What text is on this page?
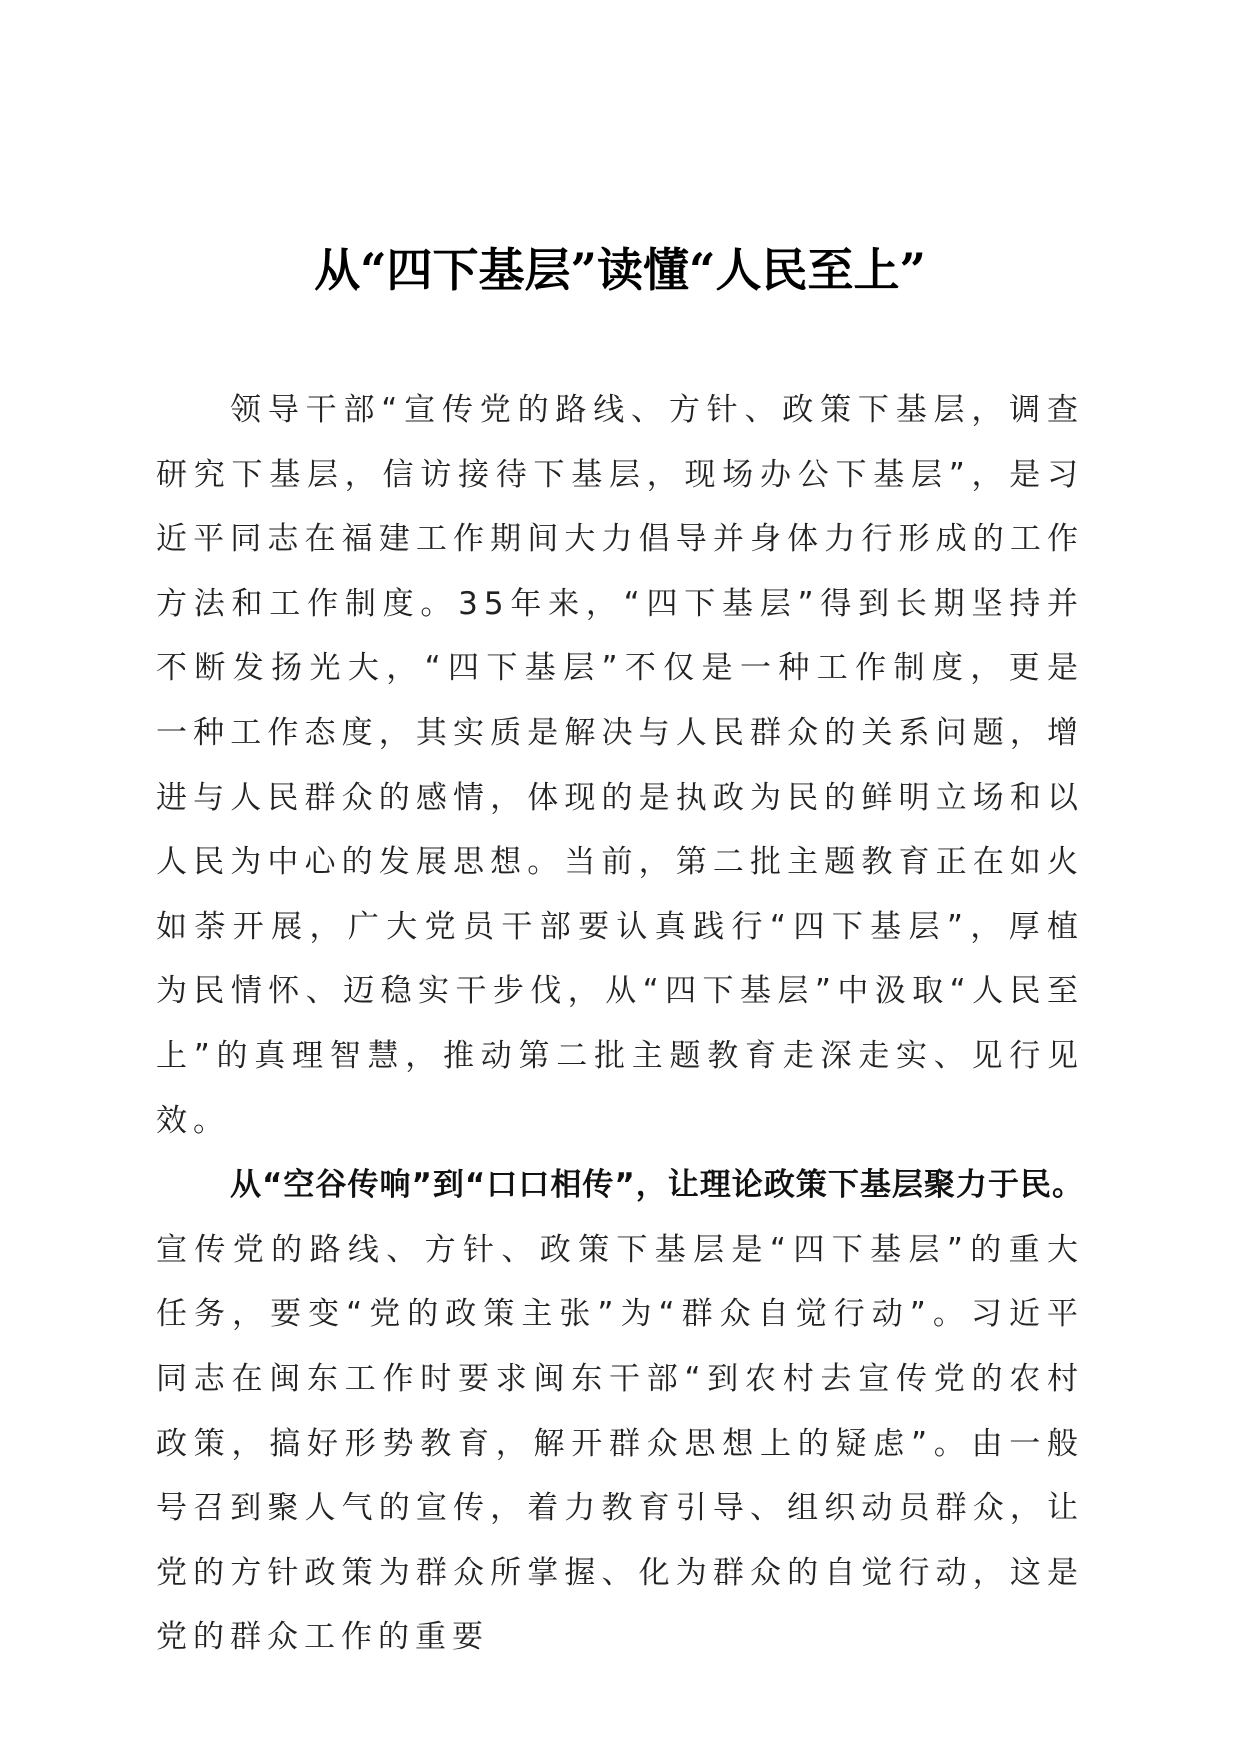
从“四下基层”读懂“人民至上”

领导干部“宣传党的路线、方针、政策下基层，调查研究下基层，信访接待下基层，现场办公下基层”，是习近平同志在福建工作期间大力倡导并身体力行形成的工作方法和工作制度。35年来，“四下基层”得到长期坚持并不断发扬光大，“四下基层”不仅是一种工作制度，更是一种工作态度，其实质是解决与人民群众的关系问题，增进与人民群众的感情，体现的是执政为民的鲜明立场和以人民为中心的发展思想。当前，第二批主题教育正在如火如荼开展，广大党员干部要认真践行“四下基层”，厚植为民情怀、迈稳实干步伐，从“四下基层”中汲取“人民至上”的真理智慧，推动第二批主题教育走深走实、见行见效。

从“空谷传响”到“口口相传”，让理论政策下基层聚力于民。宣传党的路线、方针、政策下基层是“四下基层”的重大任务，要变“党的政策主张”为“群众自觉行动”。习近平同志在闽东工作时要求闽东干部“到农村去宣传党的农村政策，搞好形势教育，解开群众思想上的疑虑”。由一般号召到聚人气的宣传，着力教育引导、组织动员群众，让党的方针政策为群众所掌握、化为群众的自觉行动，这是党的群众工作的重要
